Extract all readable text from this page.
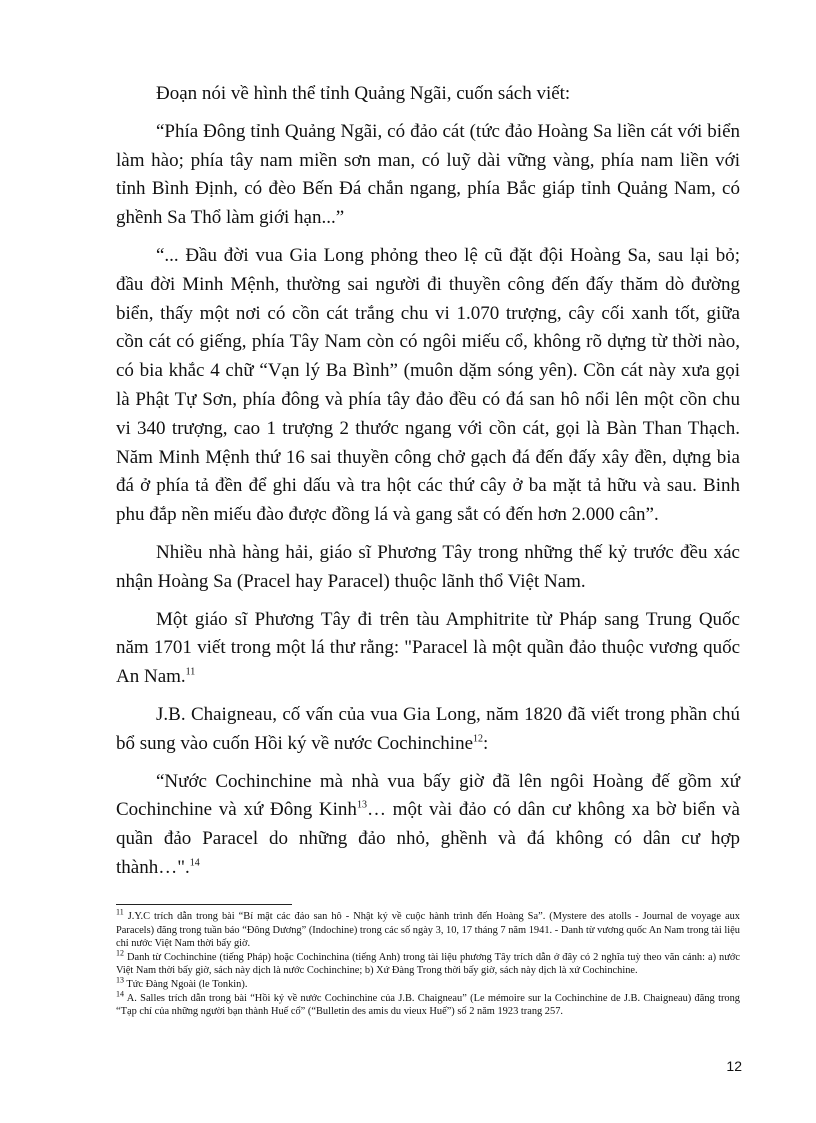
Đoạn nói về hình thể tỉnh Quảng Ngãi, cuốn sách viết:

“Phía Đông tỉnh Quảng Ngãi, có đảo cát (tức đảo Hoàng Sa liền cát với biển làm hào; phía tây nam miền sơn man, có luỹ dài vững vàng, phía nam liền với tỉnh Bình Định, có đèo Bến Đá chắn ngang, phía Bắc giáp tỉnh Quảng Nam, có ghềnh Sa Thổ làm giới hạn...”

“... Đầu đời vua Gia Long phỏng theo lệ cũ đặt đội Hoàng Sa, sau lại bỏ; đầu đời Minh Mệnh, thường sai người đi thuyền công đến đấy thăm dò đường biển, thấy một nơi có cồn cát trắng chu vi 1.070 trượng, cây cối xanh tốt, giữa cồn cát có giếng, phía Tây Nam còn có ngôi miếu cổ, không rõ dựng từ thời nào, có bia khắc 4 chữ “Vạn lý Ba Bình” (muôn dặm sóng yên). Cồn cát này xưa gọi là Phật Tự Sơn, phía đông và phía tây đảo đều có đá san hô nổi lên một cồn chu vi 340 trượng, cao 1 trượng 2 thước ngang với cồn cát, gọi là Bàn Than Thạch. Năm Minh Mệnh thứ 16 sai thuyền công chở gạch đá đến đấy xây đền, dựng bia đá ở phía tả đền để ghi dấu và tra hột các thứ cây ở ba mặt tả hữu và sau. Binh phu đắp nền miếu đào được đồng lá và gang sắt có đến hơn 2.000 cân”.

Nhiều nhà hàng hải, giáo sĩ Phương Tây trong những thế kỷ trước đều xác nhận Hoàng Sa (Pracel hay Paracel) thuộc lãnh thổ Việt Nam.

Một giáo sĩ Phương Tây đi trên tàu Amphitrite từ Pháp sang Trung Quốc năm 1701 viết trong một lá thư rằng: "Paracel là một quần đảo thuộc vương quốc An Nam.$^{11}$

J.B. Chaigneau, cố vấn của vua Gia Long, năm 1820 đã viết trong phần chú bổ sung vào cuốn Hồi ký về nước Cochinchine$^{12}$:

“Nước Cochinchine mà nhà vua bấy giờ đã lên ngôi Hoàng đế gồm xứ Cochinchine và xứ Đông Kinh$^{13}$… một vài đảo có dân cư không xa bờ biển và quần đảo Paracel do những đảo nhỏ, ghềnh và đá không có dân cư hợp thành…".$^{14}$

$^{11}$ J.Y.C trích dẫn trong bài “Bí mật các đảo san hô - Nhật ký về cuộc hành trình đến Hoàng Sa”. (Mystere des atolls - Journal de voyage aux Paracels) đăng trong tuần báo “Đông Dương” (Indochine) trong các số ngày 3, 10, 17 tháng 7 năm 1941. - Danh từ vương quốc An Nam trong tài liệu chỉ nước Việt Nam thời bấy giờ.

$^{12}$ Danh từ Cochinchine (tiếng Pháp) hoặc Cochinchina (tiếng Anh) trong tài liệu phương Tây trích dẫn ở đây có 2 nghĩa tuỳ theo văn cảnh: a) nước Việt Nam thời bấy giờ, sách này dịch là nước Cochinchine; b) Xứ Đàng Trong thời bấy giờ, sách này dịch là xứ Cochinchine.

$^{13}$ Tức Đàng Ngoài (le Tonkin).

$^{14}$ A. Salles trích dẫn trong bài “Hồi ký về nước Cochinchine của J.B. Chaigneau” (Le mémoire sur la Cochinchine de J.B. Chaigneau) đăng trong “Tạp chí của những người bạn thành Huế cổ” (“Bulletin des amis du vieux Huế”) số 2 năm 1923 trang 257.

12
